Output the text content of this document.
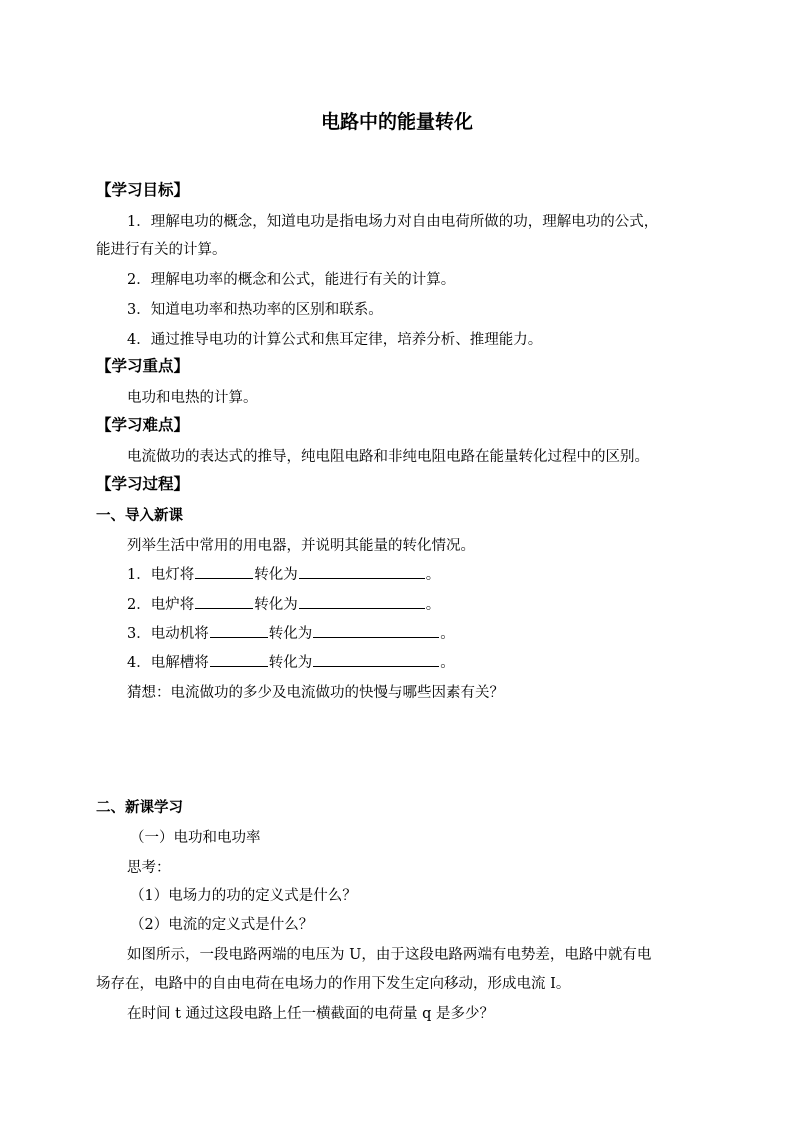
电路中的能量转化
【学习目标】
1．理解电功的概念，知道电功是指电场力对自由电荷所做的功，理解电功的公式，
能进行有关的计算。
2．理解电功率的概念和公式，能进行有关的计算。
3．知道电功率和热功率的区别和联系。
4．通过推导电功的计算公式和焦耳定律，培养分析、推理能力。
【学习重点】
电功和电热的计算。
【学习难点】
电流做功的表达式的推导，纯电阻电路和非纯电阻电路在能量转化过程中的区别。
【学习过程】
一、导入新课
列举生活中常用的用电器，并说明其能量的转化情况。
1．电灯将	转化为	。
2．电炉将	转化为	。
3．电动机将	转化为	。
4．电解槽将	转化为	。
猜想：电流做功的多少及电流做功的快慢与哪些因素有关？
二、新课学习
（一）电功和电功率
思考：
（1）电场力的功的定义式是什么？
（2）电流的定义式是什么？
如图所示，一段电路两端的电压为 U，由于这段电路两端有电势差，电路中就有电
场存在，电路中的自由电荷在电场力的作用下发生定向移动，形成电流 I。
在时间 t 通过这段电路上任一横截面的电荷量 q 是多少？
